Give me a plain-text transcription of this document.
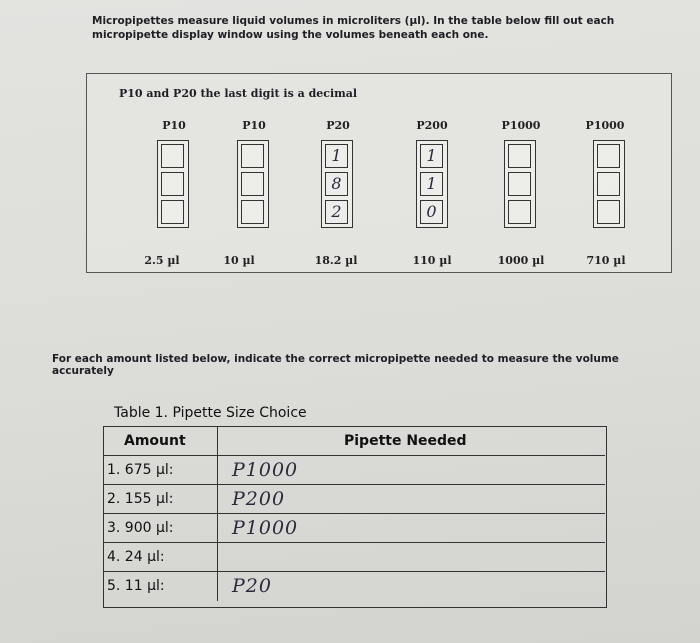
Micropipettes measure liquid volumes in microliters (µl). In the table below fill out each micropipette display window using the volumes beneath each one.
P10 and P20 the last digit is a decimal
P10
2.5 µl
P10
10 µl
P20
1
8
2
18.2 µl
P200
1
1
0
110 µl
P1000
1000 µl
P1000
710 µl
For each amount listed below, indicate the correct micropipette needed to measure the volume accurately
Table 1. Pipette Size Choice
Amount	Pipette Needed
1. 675 µl:	P1000
2. 155 µl:	P200
3. 900 µl:	P1000
4. 24 µl:
5. 11 µl:	P20
